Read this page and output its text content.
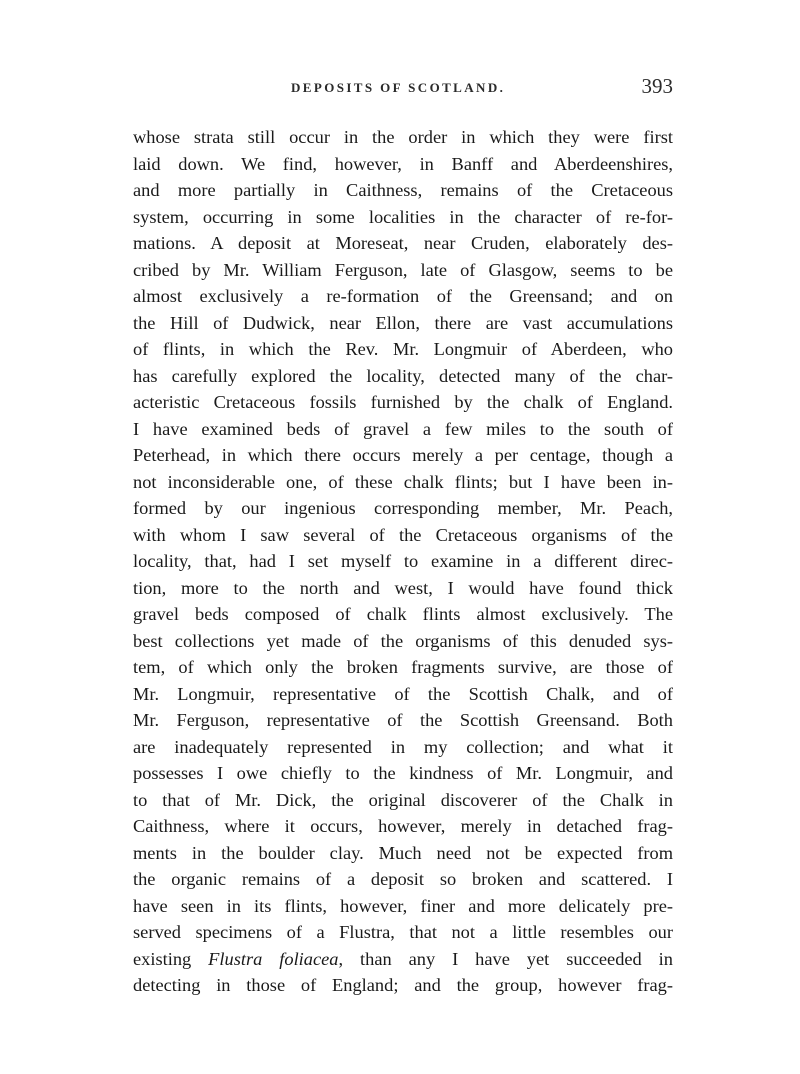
DEPOSITS OF SCOTLAND.	393
whose strata still occur in the order in which they were first
laid down. We find, however, in Banff and Aberdeenshires,
and more partially in Caithness, remains of the Cretaceous
system, occurring in some localities in the character of re-for-
mations. A deposit at Moreseat, near Cruden, elaborately des-
cribed by Mr. William Ferguson, late of Glasgow, seems to be
almost exclusively a re-formation of the Greensand; and on
the Hill of Dudwick, near Ellon, there are vast accumulations
of flints, in which the Rev. Mr. Longmuir of Aberdeen, who
has carefully explored the locality, detected many of the char-
acteristic Cretaceous fossils furnished by the chalk of England.
I have examined beds of gravel a few miles to the south of
Peterhead, in which there occurs merely a per centage, though a
not inconsiderable one, of these chalk flints; but I have been in-
formed by our ingenious corresponding member, Mr. Peach,
with whom I saw several of the Cretaceous organisms of the
locality, that, had I set myself to examine in a different direc-
tion, more to the north and west, I would have found thick
gravel beds composed of chalk flints almost exclusively. The
best collections yet made of the organisms of this denuded sys-
tem, of which only the broken fragments survive, are those of
Mr. Longmuir, representative of the Scottish Chalk, and of
Mr. Ferguson, representative of the Scottish Greensand. Both
are inadequately represented in my collection; and what it
possesses I owe chiefly to the kindness of Mr. Longmuir, and
to that of Mr. Dick, the original discoverer of the Chalk in
Caithness, where it occurs, however, merely in detached frag-
ments in the boulder clay. Much need not be expected from
the organic remains of a deposit so broken and scattered. I
have seen in its flints, however, finer and more delicately pre-
served specimens of a Flustra, that not a little resembles our
existing Flustra foliacea, than any I have yet succeeded in
detecting in those of England; and the group, however frag-
